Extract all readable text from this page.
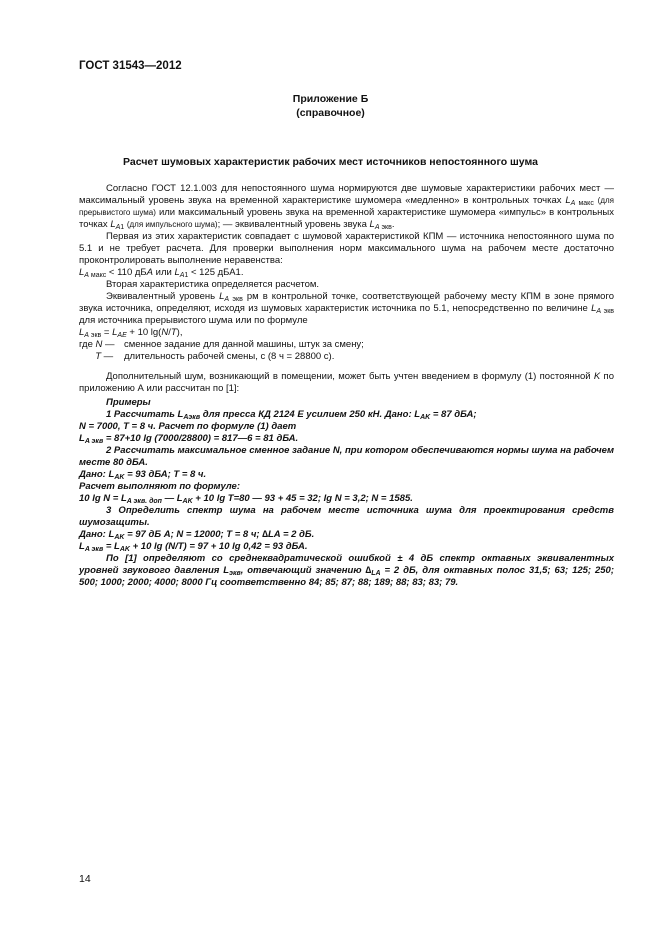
ГОСТ 31543—2012
Приложение Б
(справочное)
Расчет шумовых характеристик рабочих мест источников непостоянного шума

Согласно ГОСТ 12.1.003 для непостоянного шума нормируются две шумовые характеристики рабочих мест — максимальный уровень звука на временной характеристике шумомера «медленно» в контрольных точках $L_{A макс}$ (для прерывистого шума) или максимальный уровень звука на временной характеристике шумомера «импульс» в контрольных точках $L_{A1}$ (для импульсного шума); — эквивалентный уровень звука $L_{A экв}$.

Первая из этих характеристик совпадает с шумовой характеристикой КПМ — источника непостоянного шума по 5.1 и не требует расчета. Для проверки выполнения норм максимального шума на рабочем месте достаточно проконтролировать выполнение неравенства:

$L_{A макс} < 110$ дБА или $L_{A1} < 125$ дБА1.

Вторая характеристика определяется расчетом.

Эквивалентный уровень $L_{A экв}$ рм в контрольной точке, соответствующей рабочему месту КПМ в зоне прямого звука источника, определяют, исходя из шумовых характеристик источника по 5.1, непосредственно по величине $L_{A экв}$ для источника прерывистого шума или по формуле

$L_{A экв} = L_{AE} + 10$ lg(N/T),

где N — сменное задание для данной машины, штук за смену;
T —	длительность рабочей смены, с (8 ч = 28800 с).

Дополнительный шум, возникающий в помещении, может быть учтен введением в формулу (1) постоянной K по приложению А или рассчитан по [1]:

Примеры

1 Рассчитать $L_{Аэкв}$ для пресса КД 2124 Е усилием 250 кН. Дано: $L_{AK} = 87$ дБА;

N = 7000, T = 8 ч. Расчет по формуле (1) дает

$L_{A экв} = 87+10$ lg (7000/28800) = 817—6 = 81 дБА.

2 Рассчитать максимальное сменное задание N, при котором обеспечиваются нормы шума на рабочем месте 80 дБА.

Дано: $L_{AK} = 93$ дБА; T = 8 ч.

Расчет выполняют по формуле:

10 $\lg N = L_{A экв. доп}$ — $L_{AK} + 10$ lg T=80 — 93 + 45 = 32; lg N = 3,2; N = 1585.

3 Определить спектр шума на рабочем месте источника шума для проектирования средств шумозащиты.

Дано: $L_{AK} = 97$ дБ А; N = 12000; T = 8 ч; ∆LA = 2 дБ.

$L_{A экв} = L_{AK} + 10$ lg (N/T) = 97 + 10 lg 0,42 = 93 дБА.

По [1] определяют со среднеквадратической ошибкой ± 4 дБ спектр октавных эквивалентных уровней звукового давления $L_{экв}$, отвечающий значению $\Delta_{LA} = 2$ дБ, для октавных полос 31,5; 63; 125; 250; 500; 1000; 2000; 4000; 8000 Гц соответственно 84; 85; 87; 88; 189; 88; 83; 83; 79.

14
